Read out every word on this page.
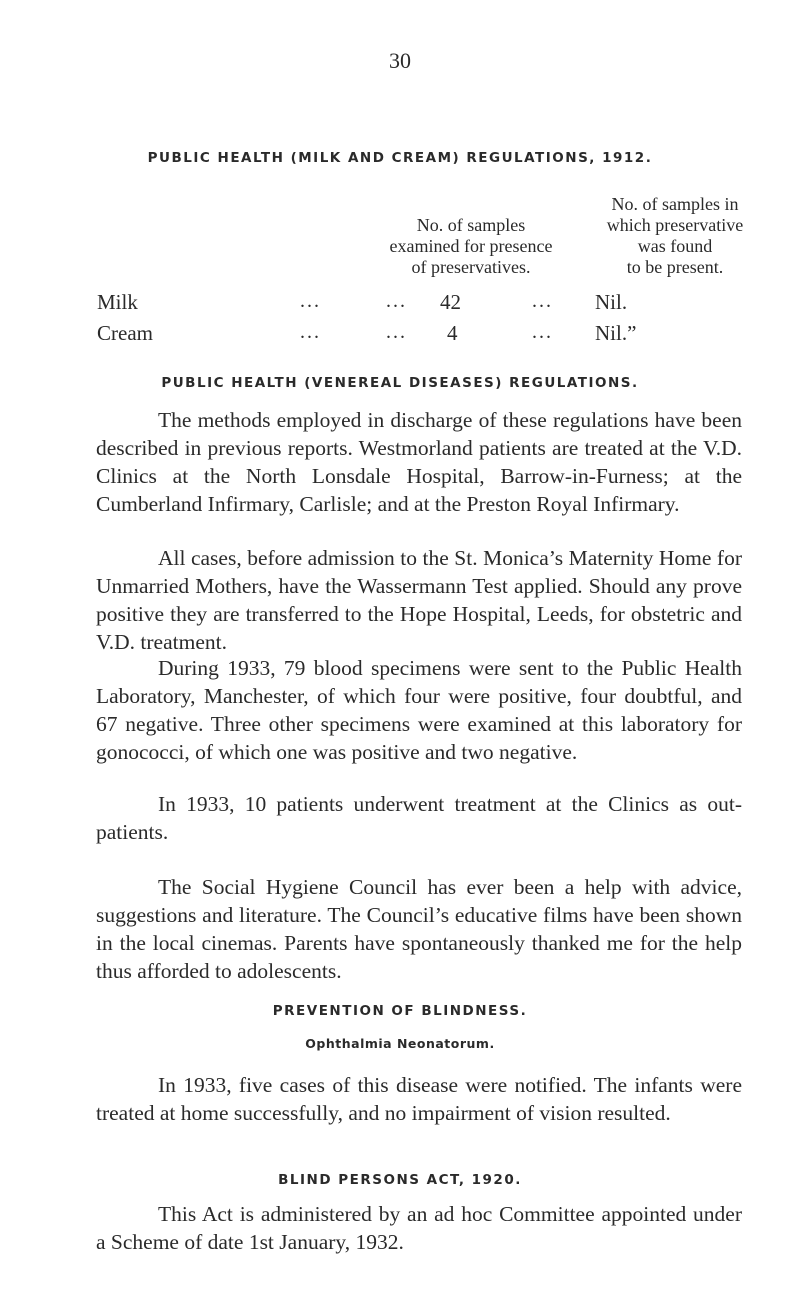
30
PUBLIC HEALTH (MILK AND CREAM) REGULATIONS, 1912.
No. of samples
examined for presence
of preservatives.
No. of samples in
which preservative
was found
to be present.
Milk	...	... 42	... Nil.
Cream	...	... 4	... Nil.”
PUBLIC HEALTH (VENEREAL DISEASES) REGULATIONS.

The methods employed in discharge of these regulations have been described in previous reports. Westmorland patients are treated at the V.D. Clinics at the North Lonsdale Hospital, Barrow-in-Furness; at the Cumberland Infirmary, Carlisle; and at the Preston Royal Infirmary.

All cases, before admission to the St. Monica’s Maternity Home for Unmarried Mothers, have the Wassermann Test applied. Should any prove positive they are transferred to the Hope Hospital, Leeds, for obstetric and V.D. treatment.

During 1933, 79 blood specimens were sent to the Public Health Laboratory, Manchester, of which four were positive, four doubtful, and 67 negative. Three other specimens were examined at this laboratory for gonococci, of which one was positive and two negative.

In 1933, 10 patients underwent treatment at the Clinics as out-patients.

The Social Hygiene Council has ever been a help with advice, suggestions and literature. The Council’s educative films have been shown in the local cinemas. Parents have spontaneously thanked me for the help thus afforded to adolescents.

PREVENTION OF BLINDNESS.
Ophthalmia Neonatorum.

In 1933, five cases of this disease were notified. The infants were treated at home successfully, and no impairment of vision resulted.

BLIND PERSONS ACT, 1920.

This Act is administered by an ad hoc Committee appointed under a Scheme of date 1st January, 1932.
